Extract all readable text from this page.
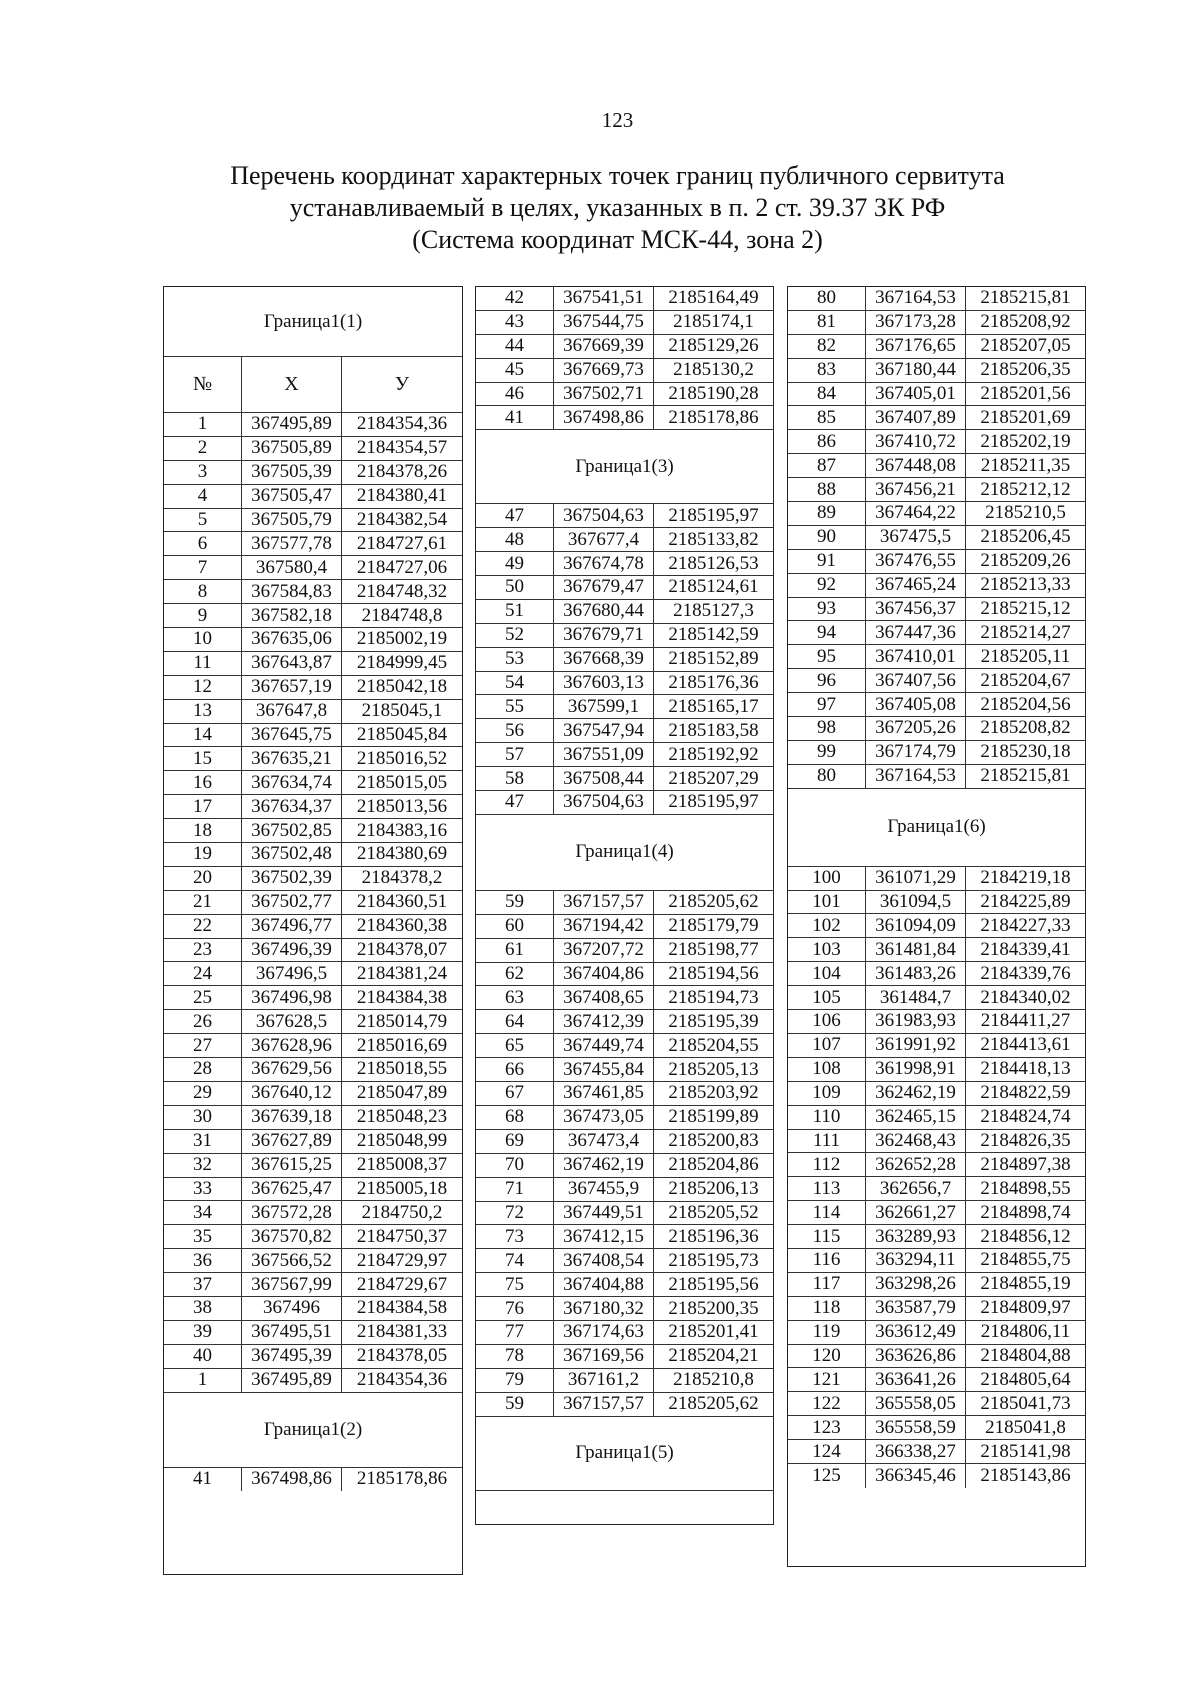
123
Перечень координат характерных точек границ публичного сервитута
устанавливаемый в целях, указанных в п. 2 ст. 39.37 ЗК РФ
(Система координат МСК-44, зона 2)
Граница1(1)
№	X	У
1	367495,89	2184354,36
2	367505,89	2184354,57
3	367505,39	2184378,26
4	367505,47	2184380,41
5	367505,79	2184382,54
6	367577,78	2184727,61
7	367580,4	2184727,06
8	367584,83	2184748,32
9	367582,18	2184748,8
10	367635,06	2185002,19
11	367643,87	2184999,45
12	367657,19	2185042,18
13	367647,8	2185045,1
14	367645,75	2185045,84
15	367635,21	2185016,52
16	367634,74	2185015,05
17	367634,37	2185013,56
18	367502,85	2184383,16
19	367502,48	2184380,69
20	367502,39	2184378,2
21	367502,77	2184360,51
22	367496,77	2184360,38
23	367496,39	2184378,07
24	367496,5	2184381,24
25	367496,98	2184384,38
26	367628,5	2185014,79
27	367628,96	2185016,69
28	367629,56	2185018,55
29	367640,12	2185047,89
30	367639,18	2185048,23
31	367627,89	2185048,99
32	367615,25	2185008,37
33	367625,47	2185005,18
34	367572,28	2184750,2
35	367570,82	2184750,37
36	367566,52	2184729,97
37	367567,99	2184729,67
38	367496	2184384,58
39	367495,51	2184381,33
40	367495,39	2184378,05
1	367495,89	2184354,36
Граница1(2)
41	367498,86	2185178,86
42	367541,51	2185164,49
43	367544,75	2185174,1
44	367669,39	2185129,26
45	367669,73	2185130,2
46	367502,71	2185190,28
41	367498,86	2185178,86
Граница1(3)
47	367504,63	2185195,97
48	367677,4	2185133,82
49	367674,78	2185126,53
50	367679,47	2185124,61
51	367680,44	2185127,3
52	367679,71	2185142,59
53	367668,39	2185152,89
54	367603,13	2185176,36
55	367599,1	2185165,17
56	367547,94	2185183,58
57	367551,09	2185192,92
58	367508,44	2185207,29
47	367504,63	2185195,97
Граница1(4)
59	367157,57	2185205,62
60	367194,42	2185179,79
61	367207,72	2185198,77
62	367404,86	2185194,56
63	367408,65	2185194,73
64	367412,39	2185195,39
65	367449,74	2185204,55
66	367455,84	2185205,13
67	367461,85	2185203,92
68	367473,05	2185199,89
69	367473,4	2185200,83
70	367462,19	2185204,86
71	367455,9	2185206,13
72	367449,51	2185205,52
73	367412,15	2185196,36
74	367408,54	2185195,73
75	367404,88	2185195,56
76	367180,32	2185200,35
77	367174,63	2185201,41
78	367169,56	2185204,21
79	367161,2	2185210,8
59	367157,57	2185205,62
Граница1(5)
80	367164,53	2185215,81
81	367173,28	2185208,92
82	367176,65	2185207,05
83	367180,44	2185206,35
84	367405,01	2185201,56
85	367407,89	2185201,69
86	367410,72	2185202,19
87	367448,08	2185211,35
88	367456,21	2185212,12
89	367464,22	2185210,5
90	367475,5	2185206,45
91	367476,55	2185209,26
92	367465,24	2185213,33
93	367456,37	2185215,12
94	367447,36	2185214,27
95	367410,01	2185205,11
96	367407,56	2185204,67
97	367405,08	2185204,56
98	367205,26	2185208,82
99	367174,79	2185230,18
80	367164,53	2185215,81
Граница1(6)
100	361071,29	2184219,18
101	361094,5	2184225,89
102	361094,09	2184227,33
103	361481,84	2184339,41
104	361483,26	2184339,76
105	361484,7	2184340,02
106	361983,93	2184411,27
107	361991,92	2184413,61
108	361998,91	2184418,13
109	362462,19	2184822,59
110	362465,15	2184824,74
111	362468,43	2184826,35
112	362652,28	2184897,38
113	362656,7	2184898,55
114	362661,27	2184898,74
115	363289,93	2184856,12
116	363294,11	2184855,75
117	363298,26	2184855,19
118	363587,79	2184809,97
119	363612,49	2184806,11
120	363626,86	2184804,88
121	363641,26	2184805,64
122	365558,05	2185041,73
123	365558,59	2185041,8
124	366338,27	2185141,98
125	366345,46	2185143,86
